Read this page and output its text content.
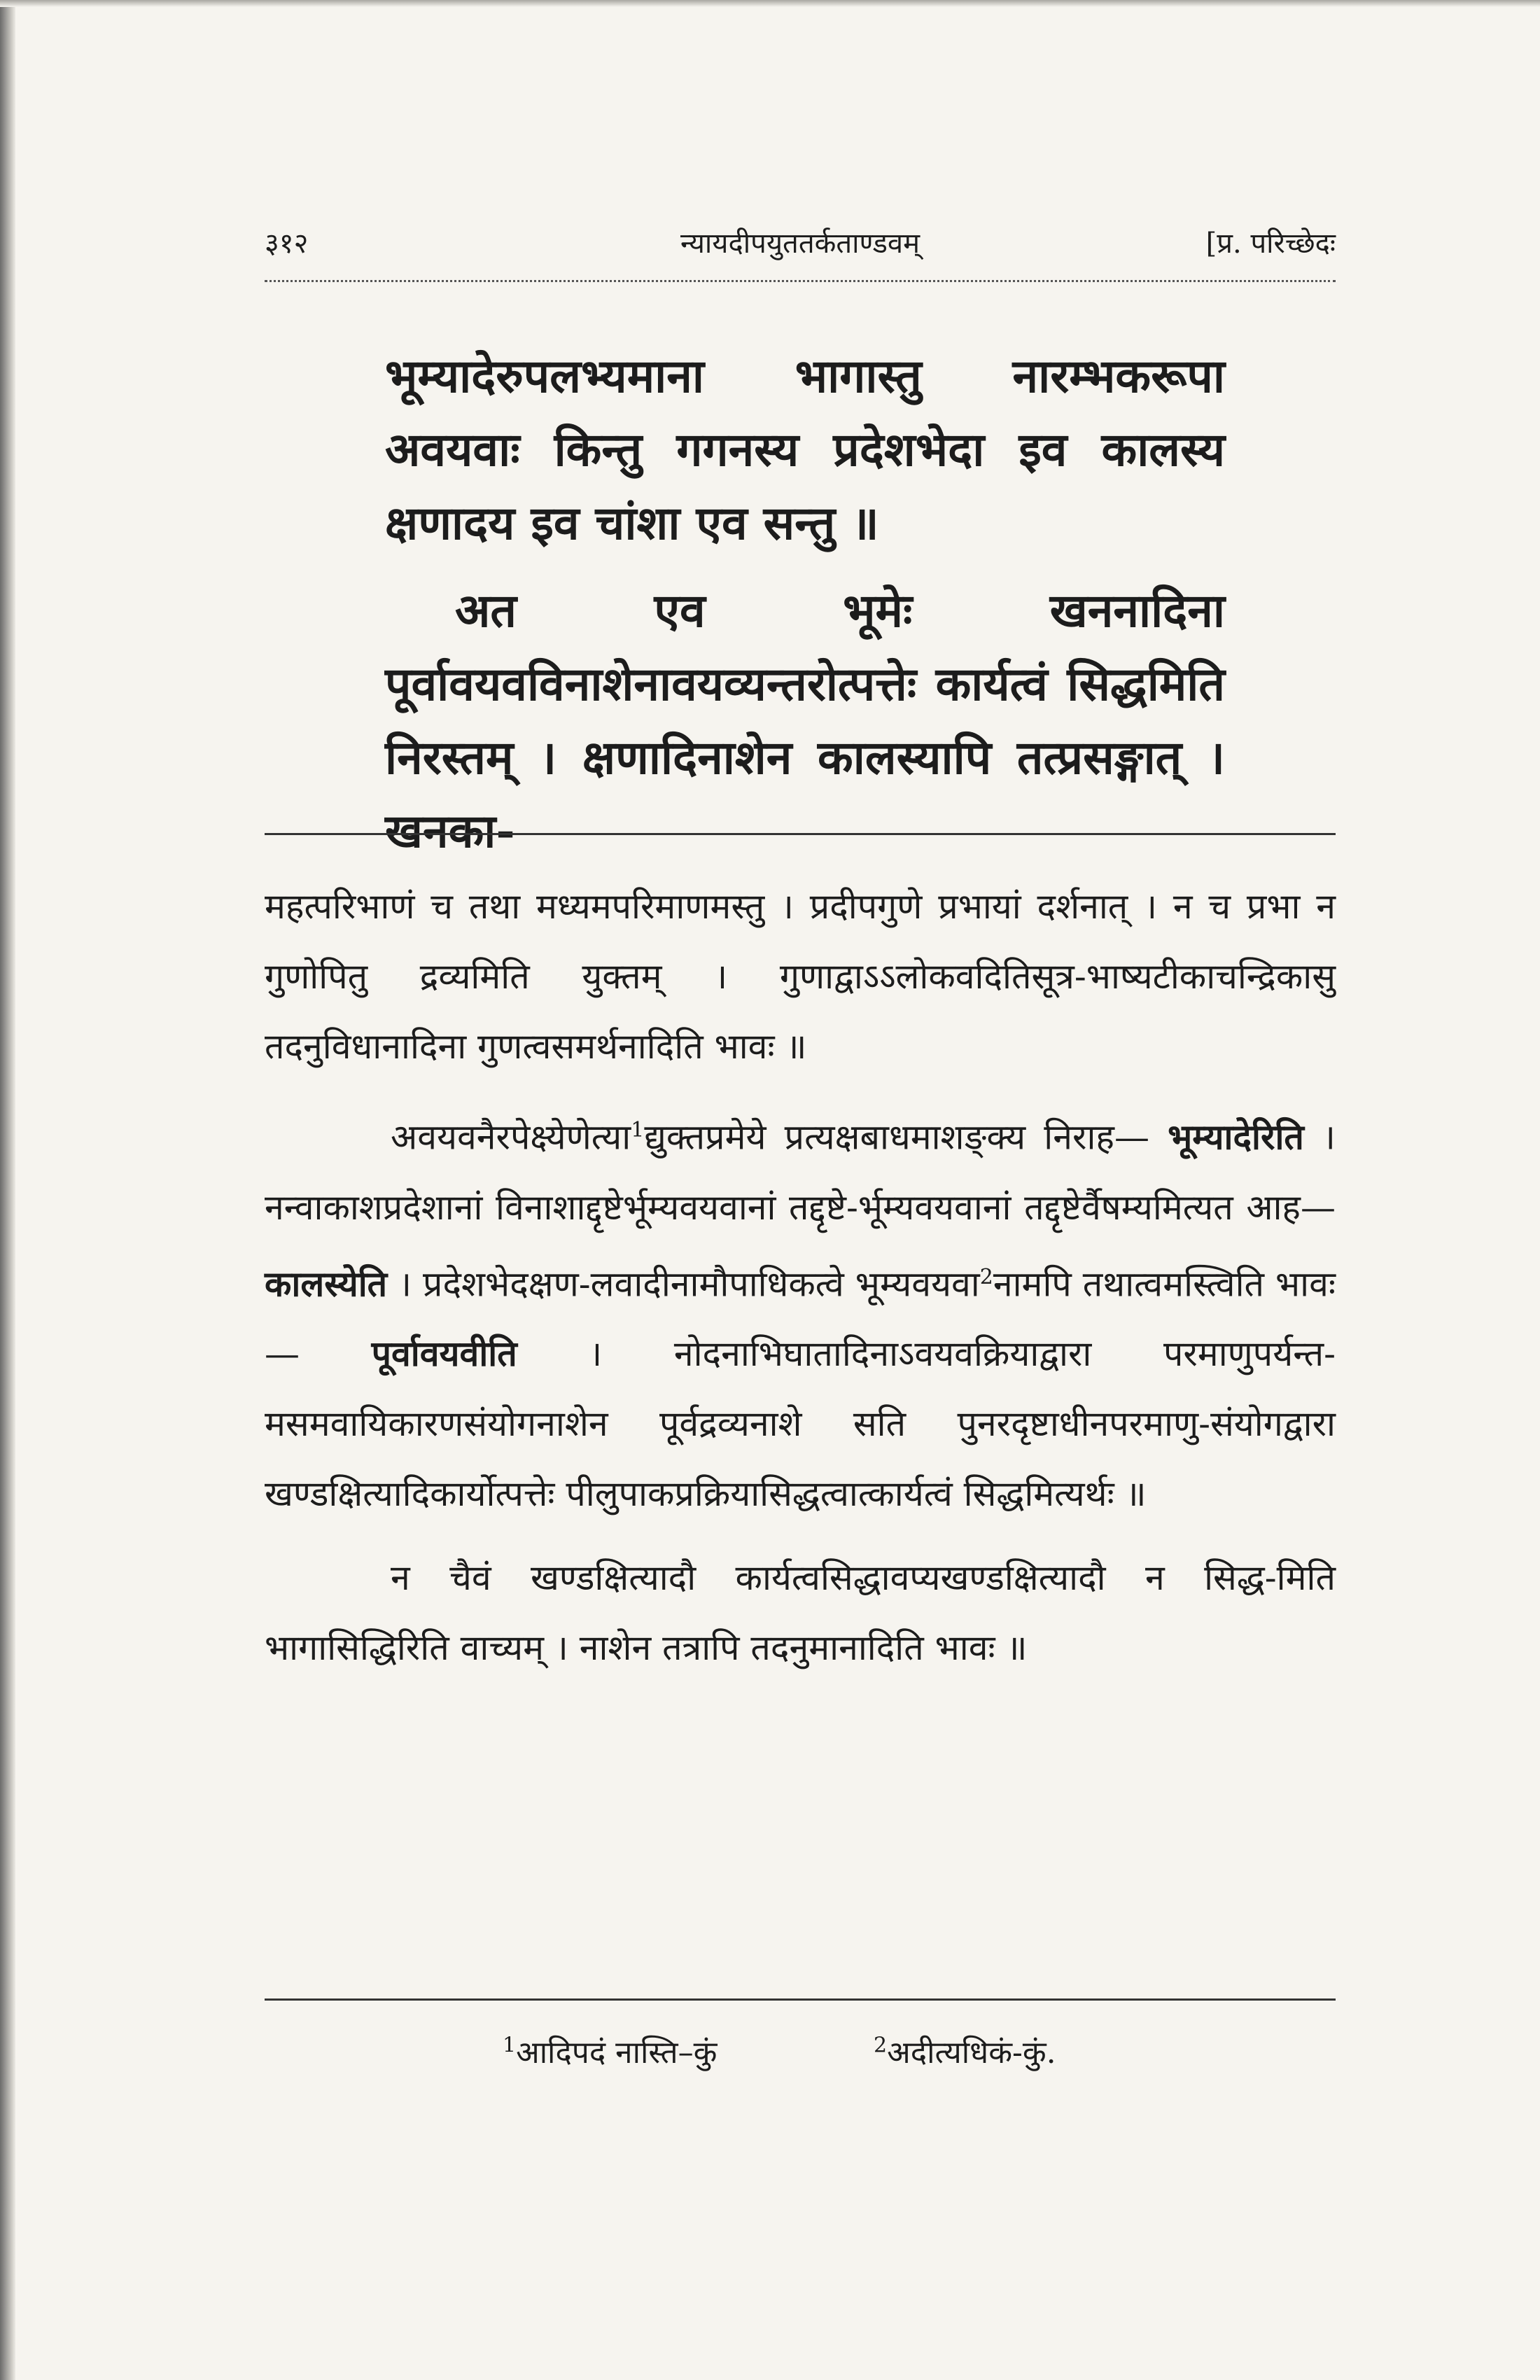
३१२	न्यायदीपयुततर्कताण्डवम्	[प्र. परिच्छेदः

भूम्यादेरुपलभ्यमाना भागास्तु नारम्भकरूपा अवयवाः किन्तु गगनस्य प्रदेशभेदा इव कालस्य क्षणादय इव चांशा एव सन्तु ॥

अत एव भूमेः खननादिना पूर्वावयवविनाशेनावयव्यन्तरोत्पत्तेः कार्यत्वं सिद्धमिति निरस्तम् । क्षणादिनाशेन कालस्यापि तत्प्रसङ्गात् । खनका-

महत्परिभाणं च तथा मध्यमपरिमाणमस्तु । प्रदीपगुणे प्रभायां दर्शनात् । न च प्रभा न गुणोपितु द्रव्यमिति युक्तम् । गुणाद्वाऽऽलोकवदितिसूत्र-भाष्यटीकाचन्द्रिकासु तदनुविधानादिना गुणत्वसमर्थनादिति भावः ॥

अवयवनैरपेक्ष्येणेत्या$^1$द्युक्तप्रमेये प्रत्यक्षबाधमाशङ्क्य निराह— भूम्यादेरिति । नन्वाकाशप्रदेशानां विनाशाद्दृष्टेर्भूम्यवयवानां तद्दृष्टे-र्भूम्यवयवानां तद्दृष्टेर्वैषम्यमित्यत आह—कालस्येति । प्रदेशभेदक्षण-लवादीनामौपाधिकत्वे भूम्यवयवा$^2$नामपि तथात्वमस्त्विति भावः— पूर्वावयवीति । नोदनाभिघातादिनाऽवयवक्रियाद्वारा परमाणुपर्यन्त-मसमवायिकारणसंयोगनाशेन पूर्वद्रव्यनाशे सति पुनरदृष्टाधीनपरमाणु-संयोगद्वारा खण्डक्षित्यादिकार्योत्पत्तेः पीलुपाकप्रक्रियासिद्धत्वात्कार्यत्वं सिद्धमित्यर्थः ॥

न चैवं खण्डक्षित्यादौ कार्यत्वसिद्धावप्यखण्डक्षित्यादौ न सिद्ध-मिति भागासिद्धिरिति वाच्यम् । नाशेन तत्रापि तदनुमानादिति भावः ॥

$^1$आदिपदं नास्ति–कुं	$^2$अदीत्यधिकं-कुं.
